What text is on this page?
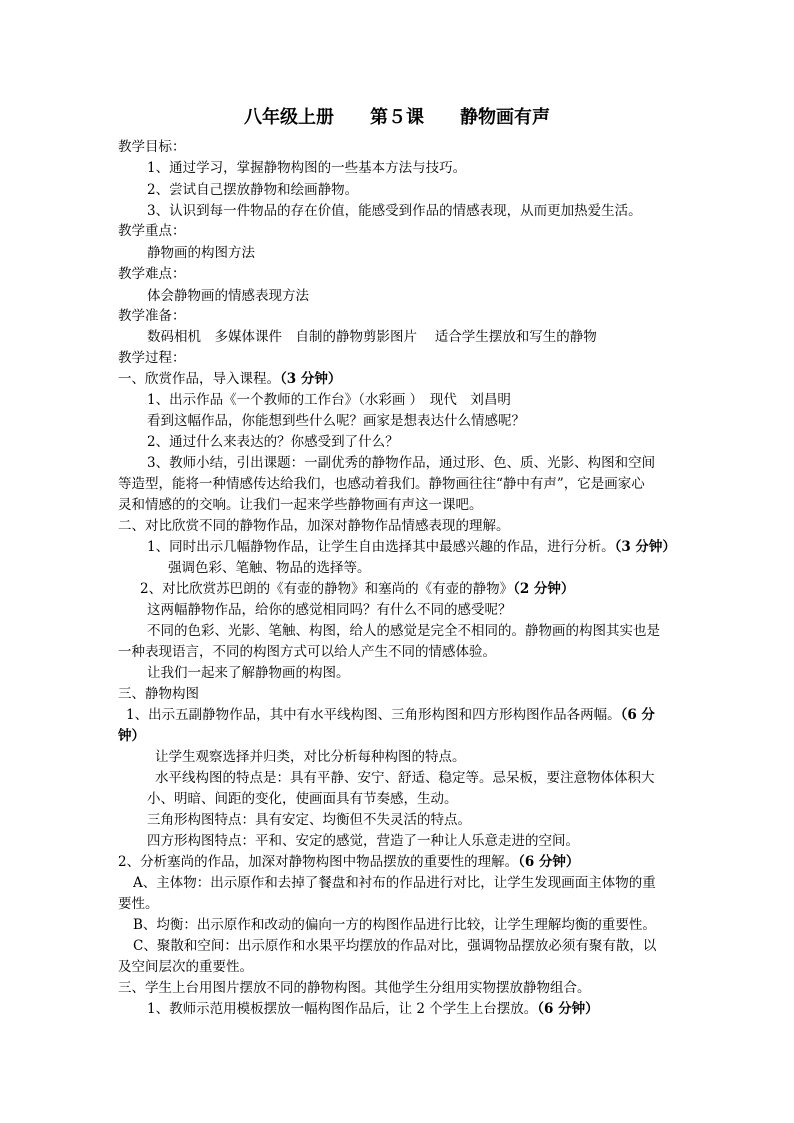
八年级上册　　第５课　　静物画有声
教学目标：
1、通过学习，掌握静物构图的一些基本方法与技巧。
2、尝试自己摆放静物和绘画静物。
3、认识到每一件物品的存在价值，能感受到作品的情感表现，从而更加热爱生活。
教学重点：
静物画的构图方法
教学难点：
体会静物画的情感表现方法
教学准备：
数码相机　多媒体课件　自制的静物剪影图片　 适合学生摆放和写生的静物
教学过程：
一、欣赏作品，导入课程。（3 分钟）
1、出示作品《一个教师的工作台》（水彩画 ）　现代　刘昌明
看到这幅作品，你能想到些什么呢？画家是想表达什么情感呢？
2、通过什么来表达的？你感受到了什么？
3、教师小结，引出课题：一副优秀的静物作品，通过形、色、质、光影、构图和空间
等造型，能将一种情感传达给我们，也感动着我们。静物画往往“静中有声”，它是画家心
灵和情感的的交响。让我们一起来学些静物画有声这一课吧。
二、对比欣赏不同的静物作品，加深对静物作品情感表现的理解。
1、同时出示几幅静物作品，让学生自由选择其中最感兴趣的作品，进行分析。（3 分钟）
强调色彩、笔触、物品的选择等。
2、对比欣赏苏巴朗的《有壶的静物》和塞尚的《有壶的静物》（2 分钟）
这两幅静物作品，给你的感觉相同吗？有什么不同的感受呢？
不同的色彩、光影、笔触、构图，给人的感觉是完全不相同的。静物画的构图其实也是
一种表现语言，不同的构图方式可以给人产生不同的情感体验。
让我们一起来了解静物画的构图。
三、静物构图
1、出示五副静物作品，其中有水平线构图、三角形构图和四方形构图作品各两幅。（6 分
钟）
让学生观察选择并归类，对比分析每种构图的特点。
水平线构图的特点是：具有平静、安宁、舒适、稳定等。忌呆板，要注意物体体积大
小、明暗、间距的变化，使画面具有节奏感，生动。
三角形构图特点：具有安定、均衡但不失灵活的特点。
四方形构图特点：平和、安定的感觉，营造了一种让人乐意走进的空间。
2、分析塞尚的作品，加深对静物构图中物品摆放的重要性的理解。（6 分钟）
A、主体物：出示原作和去掉了餐盘和衬布的作品进行对比，让学生发现画面主体物的重
要性。
B、均衡：出示原作和改动的偏向一方的构图作品进行比较，让学生理解均衡的重要性。
C、聚散和空间：出示原作和水果平均摆放的作品对比，强调物品摆放必须有聚有散，以
及空间层次的重要性。
三、学生上台用图片摆放不同的静物构图。其他学生分组用实物摆放静物组合。
1、教师示范用模板摆放一幅构图作品后，让 2 个学生上台摆放。（6 分钟）
